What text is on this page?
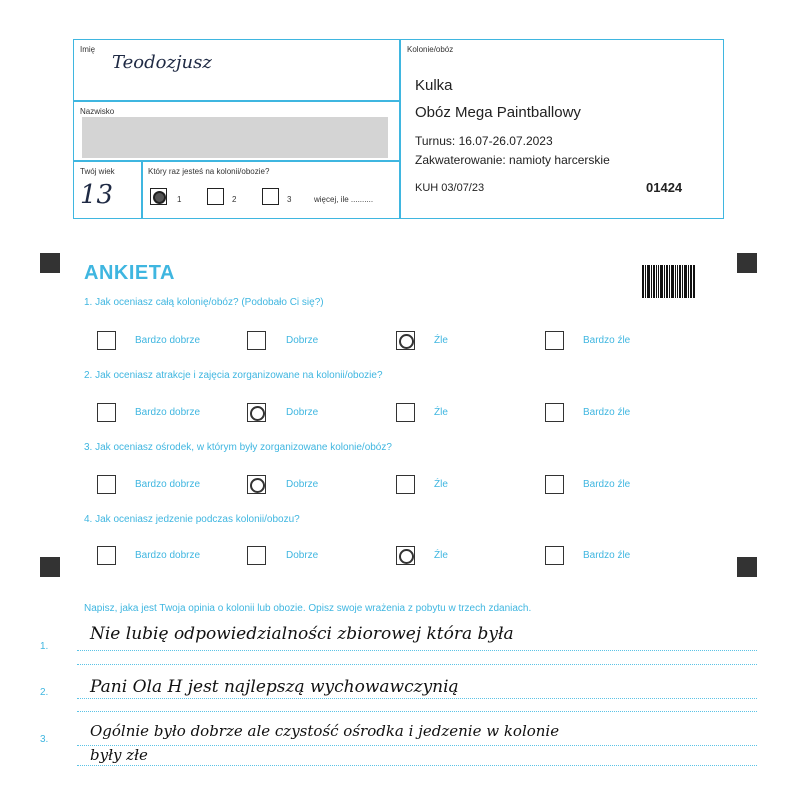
Imię
Teodozjusz
Nazwisko
Twój wiek
13
Który raz jesteś na kolonii/obozie?
1	2	3	więcej, ile ..........
Kolonie/obóz
Kulka
Obóz Mega Paintballowy
Turnus: 16.07-26.07.2023
Zakwaterowanie: namioty harcerskie
KUH 03/07/23	01424
ANKIETA
1. Jak oceniasz całą kolonię/obóz? (Podobało Ci się?)
Bardzo dobrze	Dobrze	Źle	Bardzo źle
2. Jak oceniasz atrakcje i zajęcia zorganizowane na kolonii/obozie?
Bardzo dobrze	Dobrze	Źle	Bardzo źle
3. Jak oceniasz ośrodek, w którym były zorganizowane kolonie/obóz?
Bardzo dobrze	Dobrze	Źle	Bardzo źle
4. Jak oceniasz jedzenie podczas kolonii/obozu?
Bardzo dobrze	Dobrze	Źle	Bardzo źle
Napisz, jaka jest Twoja opinia o kolonii lub obozie. Opisz swoje wrażenia z pobytu w trzech zdaniach.
1.
Nie lubię odpowiedzialności zbiorowej która była
2. Pani Ola H jest najlepszą wychowawczynią
3.	Ogólnie było dobrze ale czystość ośrodka i jedzenie w kolonie
były złe
